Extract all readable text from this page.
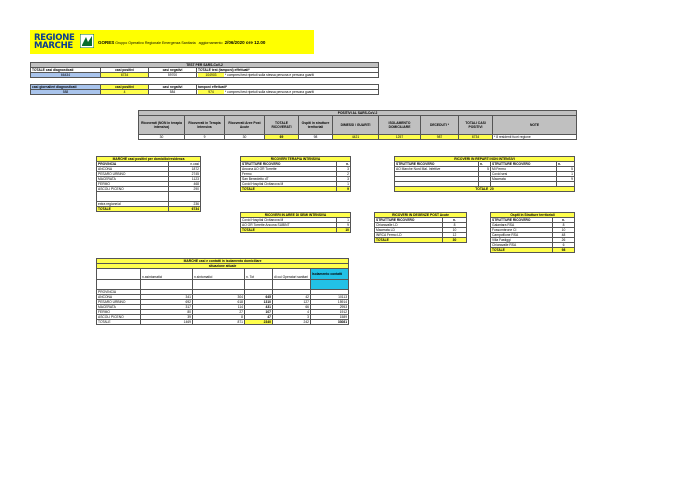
REGIONE
MARCHE	GORES Gruppo Operativo Regionale Emergenza Sanitaria aggiornamento 2/06/2020 ore 12.00
TEST PER SARS-CoV-2			
TOTALE casi diagnosticati	casi positivi	casi negativi	TOTALE test (tamponi) effettuati*
66434	6734	59700	104903 * compresi test ripetuti sulla stessa persona e persona guariti
casi giornalieri diagnosticati	casi positivi	casi negativi	tamponi effettuati*
588	4	584	974 * compresi test ripetuti sulla stessa persona e persona guariti
POSITIVI AL SARS-CoV-2									
Ricoverati (NON in terapia intensiva)	Ricoverati in Terapia Intensiva	Ricoverati Aree Post Acute	TOTALE RICOVERATI	Ospiti in strutture territoriali	DIMESSI / GUARITI	ISOLAMENTO DOMICILIARE	DECEDUTI *	TOTALI CASI POSITIVI	NOTE
30	9	30	69	98	4421	1257	987	6734	* 8 residenti fuori regione
MARCHE casi positivi per domicilio/residenza	
PROVINCIA	n.casi
ANCONA	1872
PESARO URBINO	2745
MACERATA	1123
FERMO	468
ASCOLI PICENO	290

extra regione/al	236
TOTALE	6734
RICOVERI TERAPIA INTENSIVA	
STRUTTURE RICOVERO	n.
Ancona AO OR Torrette	3
Fermo	2
San Benedetto dT	3
Covid Hospital Civitanova M	1
TOTALE	9
RICOVERI IN REPARTI NON INTENSIVI			
STRUTTURE RICOVERO	n.	STRUTTURE RICOVERO	n.
AO Marche Nord Mal. Infettive	5	Mi Fermo	5
		Covid sesi	1
		Macerata	9

TOTALE 20			
RICOVERI IN AREE DI SEMI INTENSIVA	
Covid Hospital Civitanova M	1
AO OR Torrette Ancona SUBINT	9
TOTALE	10
RICOVERI IN DEGENZE POST Acute	
STRUTTURE RICOVERO	n.
Chiaravalle LD	8
Macerata LD	10
INRCA Fermo LD	12
TOTALE	30
Ospiti in Strutture territoriali	
STRUTTURE RICOVERO	n.
Galantara RSA	8
Fossombrone CI	10
Campofilone RSA	48
Villa Fastiggi	26
Chiaravalle RSA	6
TOTALE	98
MARCHE casi e contatti in isolamento domiciliare					
situazione attuale					
	n.asintomatici	n.sintomatici	n. Tot	di cui Operatori sanitari	Isolamento contatti

PROVINCIA					
ANCONA	341	304	645	42	10113
PESARO URBINO	692	618	1310	127	15914
MACERATA	317	114	431	66	2953
FERMO	80	27	107	4	1912
ASCOLI PICENO	39	8	47	3	1589
TOTALE	1469	871	2340	242	33081
